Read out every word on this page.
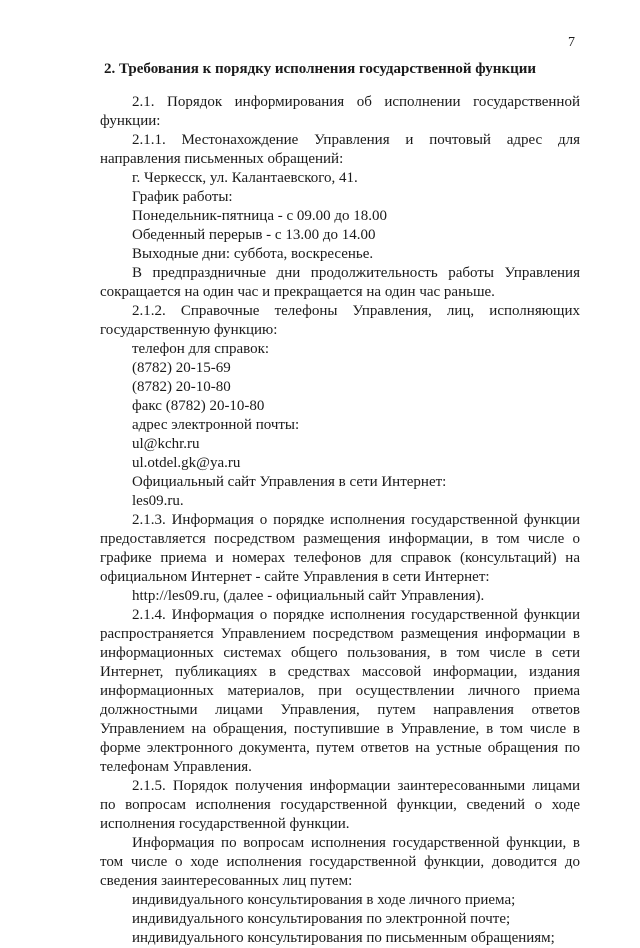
7
2. Требования к порядку исполнения государственной функции
2.1. Порядок информирования об исполнении государственной функции:
2.1.1. Местонахождение Управления и почтовый адрес для направления письменных обращений:
г. Черкесск, ул. Калантаевского, 41.
График работы:
Понедельник-пятница - с 09.00 до 18.00
Обеденный перерыв - с 13.00 до 14.00
Выходные дни: суббота, воскресенье.
В предпраздничные дни продолжительность работы Управления сокращается на один час и прекращается на один час раньше.
2.1.2. Справочные телефоны Управления, лиц, исполняющих государственную функцию:
телефон для справок:
(8782) 20-15-69
(8782) 20-10-80
факс (8782) 20-10-80
адрес электронной почты:
ul@kchr.ru
ul.otdel.gk@ya.ru
Официальный сайт Управления в сети Интернет:
les09.ru.
2.1.3. Информация о порядке исполнения государственной функции предоставляется посредством размещения информации, в том числе о графике приема и номерах телефонов для справок (консультаций) на официальном Интернет - сайте Управления в сети Интернет:
http://les09.ru, (далее - официальный сайт Управления).
2.1.4. Информация о порядке исполнения государственной функции распространяется Управлением посредством размещения информации в информационных системах общего пользования, в том числе в сети Интернет, публикациях в средствах массовой информации, издания информационных материалов, при осуществлении личного приема должностными лицами Управления, путем направления ответов Управлением на обращения, поступившие в Управление, в том числе в форме электронного документа, путем ответов на устные обращения по телефонам Управления.
2.1.5. Порядок получения информации заинтересованными лицами по вопросам исполнения государственной функции, сведений о ходе исполнения государственной функции.
Информация по вопросам исполнения государственной функции, в том числе о ходе исполнения государственной функции, доводится до сведения заинтересованных лиц путем:
индивидуального консультирования в ходе личного приема;
индивидуального консультирования по электронной почте;
индивидуального консультирования по письменным обращениям;
